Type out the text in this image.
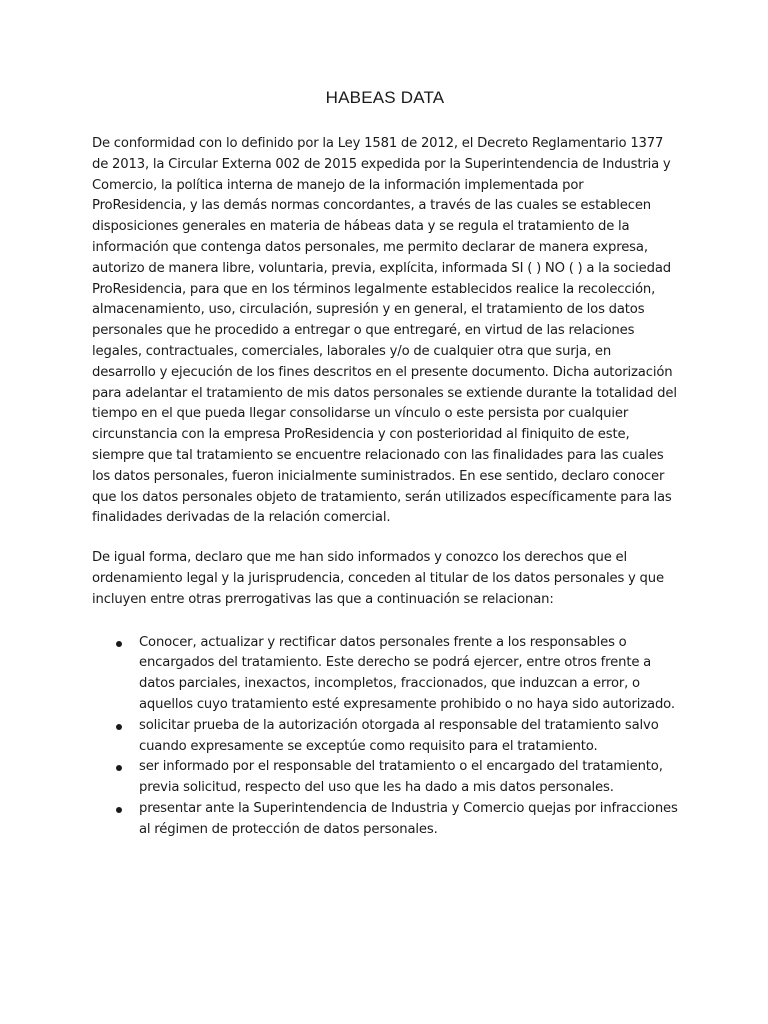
HABEAS DATA

De conformidad con lo definido por la Ley 1581 de 2012, el Decreto Reglamentario 1377 de 2013, la Circular Externa 002 de 2015 expedida por la Superintendencia de Industria y Comercio, la política interna de manejo de la información implementada por ProResidencia, y las demás normas concordantes, a través de las cuales se establecen disposiciones generales en materia de hábeas data y se regula el tratamiento de la información que contenga datos personales, me permito declarar de manera expresa, autorizo de manera libre, voluntaria, previa, explícita, informada SI ( ) NO ( ) a la sociedad ProResidencia, para que en los términos legalmente establecidos realice la recolección, almacenamiento, uso, circulación, supresión y en general, el tratamiento de los datos personales que he procedido a entregar o que entregaré, en virtud de las relaciones legales, contractuales, comerciales, laborales y/o de cualquier otra que surja, en desarrollo y ejecución de los fines descritos en el presente documento. Dicha autorización para adelantar el tratamiento de mis datos personales se extiende durante la totalidad del tiempo en el que pueda llegar consolidarse un vínculo o este persista por cualquier circunstancia con la empresa ProResidencia y con posterioridad al finiquito de este, siempre que tal tratamiento se encuentre relacionado con las finalidades para las cuales los datos personales, fueron inicialmente suministrados. En ese sentido, declaro conocer que los datos personales objeto de tratamiento, serán utilizados específicamente para las finalidades derivadas de la relación comercial.

De igual forma, declaro que me han sido informados y conozco los derechos que el ordenamiento legal y la jurisprudencia, conceden al titular de los datos personales y que incluyen entre otras prerrogativas las que a continuación se relacionan:

Conocer, actualizar y rectificar datos personales frente a los responsables o encargados del tratamiento. Este derecho se podrá ejercer, entre otros frente a datos parciales, inexactos, incompletos, fraccionados, que induzcan a error, o aquellos cuyo tratamiento esté expresamente prohibido o no haya sido autorizado.
solicitar prueba de la autorización otorgada al responsable del tratamiento salvo cuando expresamente se exceptúe como requisito para el tratamiento.
ser informado por el responsable del tratamiento o el encargado del tratamiento, previa solicitud, respecto del uso que les ha dado a mis datos personales.
presentar ante la Superintendencia de Industria y Comercio quejas por infracciones al régimen de protección de datos personales.
